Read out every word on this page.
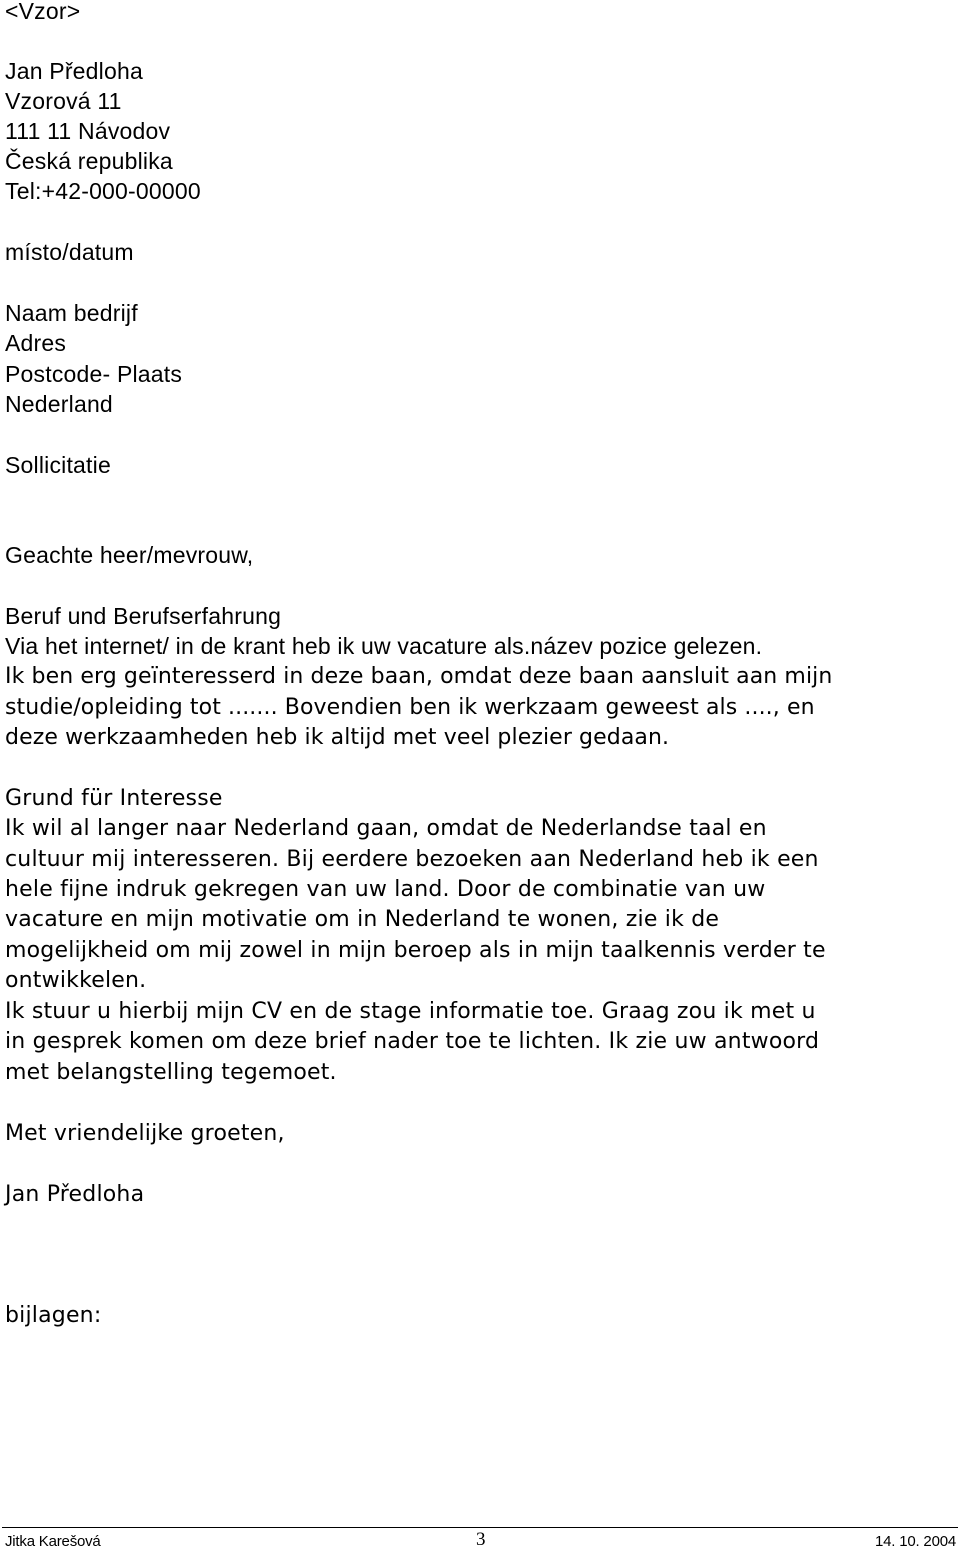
<Vzor>
Jan Předloha
Vzorová 11
111 11 Návodov
Česká republika
Tel:+42-000-00000
místo/datum
Naam bedrijf
Adres
Postcode- Plaats
Nederland
Sollicitatie
Geachte heer/mevrouw,
Beruf und Berufserfahrung
Via het internet/ in de krant heb ik uw vacature als.název pozice gelezen.
Ik ben erg geïnteresserd in deze baan, omdat deze baan aansluit aan mijn
studie/opleiding tot ....... Bovendien ben ik werkzaam geweest als ...., en
deze werkzaamheden heb ik altijd met veel plezier gedaan.
Grund für Interesse
Ik wil al langer naar Nederland gaan, omdat de Nederlandse taal en
cultuur mij interesseren. Bij eerdere bezoeken aan Nederland heb ik een
hele fijne indruk gekregen van uw land. Door de combinatie van uw
vacature en mijn motivatie om in Nederland te wonen, zie ik de
mogelijkheid om mij zowel in mijn beroep als in mijn taalkennis verder te
ontwikkelen.
Ik stuur u hierbij mijn CV en de stage informatie toe. Graag zou ik met u
in gesprek komen om deze brief nader toe te lichten. Ik zie uw antwoord
met belangstelling tegemoet.
Met vriendelijke groeten,
Jan Předloha
bijlagen:
Jitka Karešová	3	14. 10. 2004
